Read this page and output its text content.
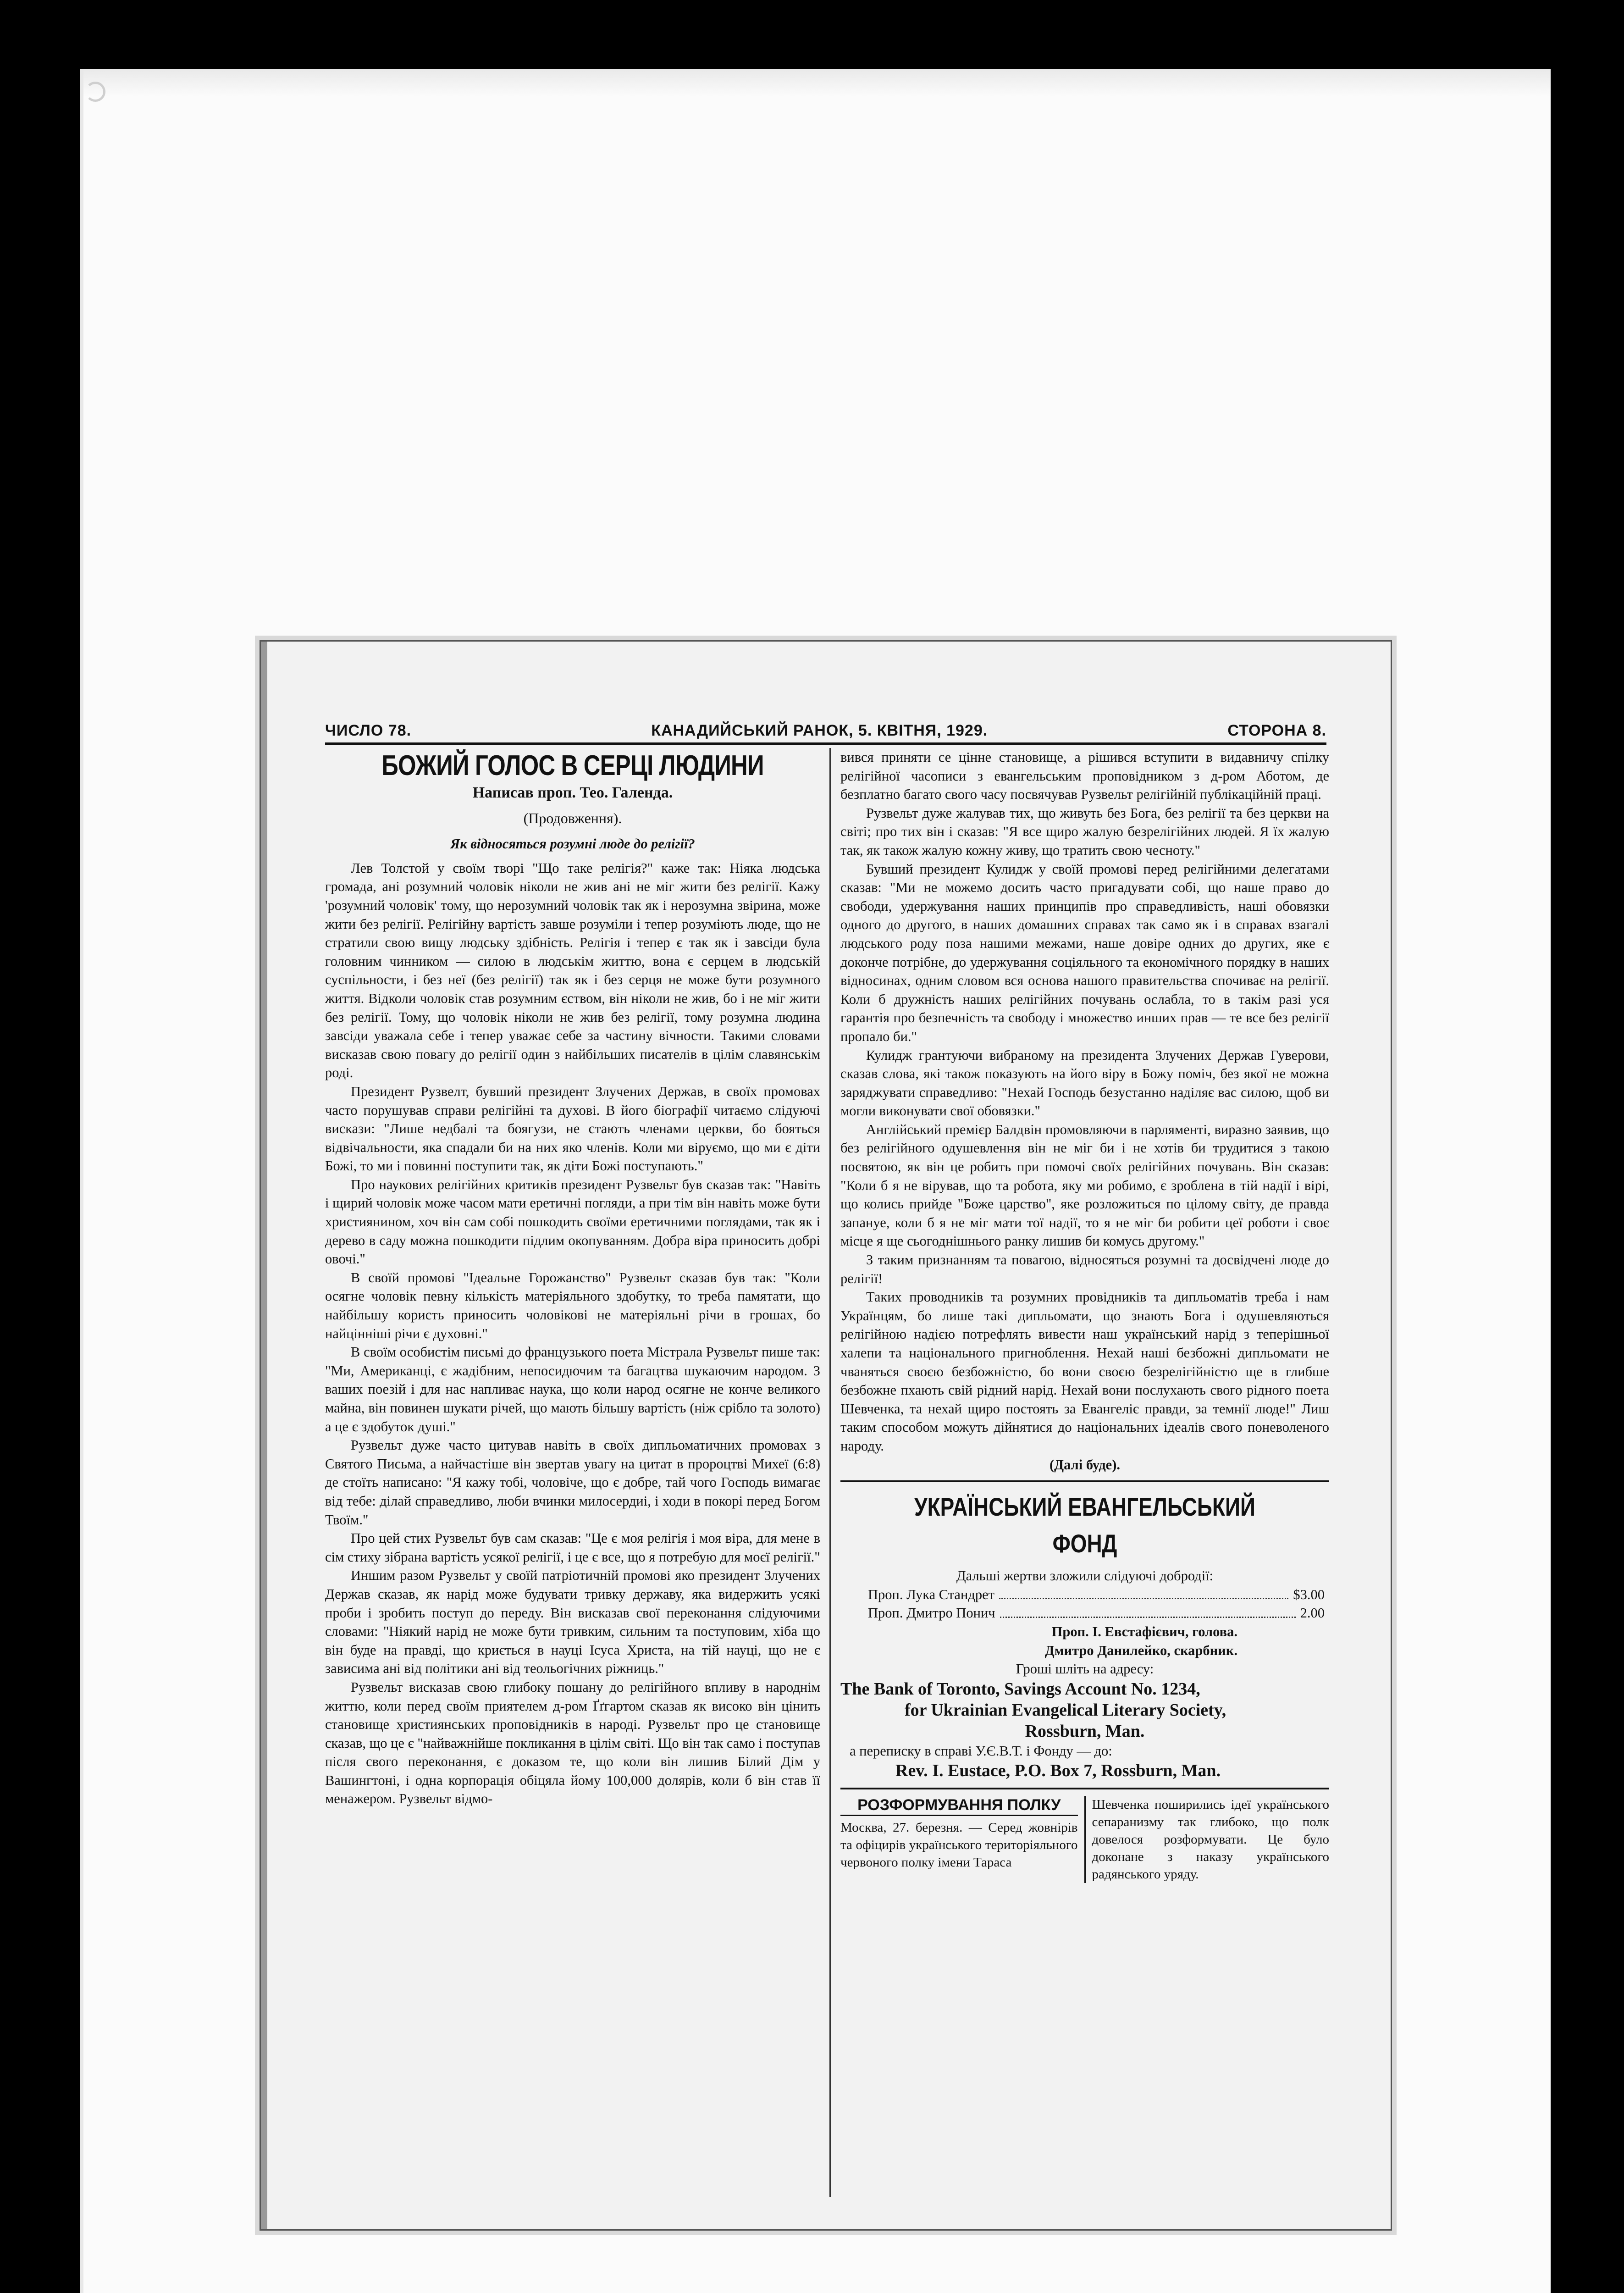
ЧИСЛО 78.	КАНАДИЙСЬКИЙ РАНОК, 5. КВІТНЯ, 1929.	СТОРОНА 8.
БОЖИЙ ГОЛОС В СЕРЦІ ЛЮДИНИ
Написав проп. Тео. Галенда.
(Продовження).
Як відносяться розумні люде до релігії?

Лев Толстой у своїм творі "Що таке релігія?" каже так: Ніяка людська громада, ані розумний чоловік ніколи не жив ані не міг жити без релігії. Кажу 'розумний чоловік' тому, що нерозумний чоловік так як і нерозумна звірина, може жити без релігії. Релігійну вартість завше розуміли і тепер розуміють люде, що не стратили свою вищу людську здібність. Релігія і тепер є так як і завсіди була головним чинником — силою в людськім життю, вона є серцем в людській суспільности, і без неї (без релігії) так як і без серця не може бути розумного життя. Відколи чоловік став розумним єством, він ніколи не жив, бо і не міг жити без релігії. Тому, що чоловік ніколи не жив без релігії, тому розумна людина завсіди уважала себе і тепер уважає себе за частину вічности. Такими словами висказав свою повагу до релігії один з найбільших писателів в цілім славянськім роді.

Президент Рузвелт, бувший президент Злучених Держав, в своїх промовах часто порушував справи релігійні та духові. В його біографії читаємо слідуючі вискази: "Лише недбалі та боягузи, не стають членами церкви, бо бояться відвічальности, яка спадали би на них яко членів. Коли ми віруємо, що ми є діти Божі, то ми і повинні поступити так, як діти Божі поступають."

Про наукових релігійних критиків президент Рузвельт був сказав так: "Навіть і щирий чоловік може часом мати еретичні погляди, а при тім він навіть може бути християнином, хоч він сам собі пошкодить своїми еретичними поглядами, так як і дерево в саду можна пошкодити підлим окопуванням. Добра віра приносить добрі овочі."

В своїй промові "Ідеальне Горожанство" Рузвельт сказав був так: "Коли осягне чоловік певну кількість матеріяльного здобутку, то треба памятати, що найбільшу користь приносить чоловікові не матеріяльні річи в грошах, бо найцінніші річи є духовні."

В своїм особистім письмі до французького поета Містрала Рузвельт пише так: "Ми, Американці, є жадібним, непосидючим та багацтва шукаючим народом. З ваших поезій і для нас напливає наука, що коли народ осягне не конче великого майна, він повинен шукати річей, що мають більшу вартість (ніж срібло та золото) а це є здобуток душі."

Рузвельт дуже часто цитував навіть в своїх дипльоматичних промовах з Святого Письма, а найчастіше він звертав увагу на цитат в пророцтві Михеї (6:8) де стоїть написано: "Я кажу тобі, чоловіче, що є добре, тай чого Господь вимагає від тебе: ділай справедливо, люби вчинки милосердиі, і ходи в покорі перед Богом Твоїм."

Про цей стих Рузвельт був сам сказав: "Це є моя релігія і моя віра, для мене в сім стиху зібрана вартість усякої релігії, і це є все, що я потребую для моєї релігії."

Иншим разом Рузвельт у своїй патріотичній промові яко президент Злучених Держав сказав, як нарід може будувати тривку державу, яка видержить усякі проби і зробить поступ до переду. Він висказав свої переконання слідуючими словами: "Ніякий нарід не може бути тривким, сильним та поступовим, хіба що він буде на правді, що криється в науці Ісуса Христа, на тій науці, що не є зависима ані від політики ані від теольогічних ріжниць."

Рузвельт висказав свою глибоку пошану до релігійного впливу в народнім життю, коли перед своїм приятелем д-ром Ґґгартом сказав як високо він цінить становище християнських проповідників в народі. Рузвельт про це становище сказав, що це є "найважнійше покликання в цілім світі. Що він так само і поступав після свого переконання, є доказом те, що коли він лишив Білий Дім у Вашингтоні, і одна корпорація обіцяла йому 100,000 долярів, коли б він став її менажером. Рузвельт відмо-

вився приняти се цінне становище, а рішився вступити в видавничу спілку релігійної часописи з евангельським проповідником з д-ром Аботом, де безплатно багато свого часу посвячував Рузвельт релігійній публікаційній праці.

Рузвельт дуже жалував тих, що живуть без Бога, без релігії та без церкви на світі; про тих він і сказав: "Я все щиро жалую безрелігійних людей. Я їх жалую так, як також жалую кожну живу, що тратить свою чесноту."

Бувший президент Кулидж у своїй промові перед релігійними делегатами сказав: "Ми не можемо досить часто пригадувати собі, що наше право до свободи, удержування наших принципів про справедливість, наші обовязки одного до другого, в наших домашних справах так само як і в справах взагалі людського роду поза нашими межами, наше довіре одних до других, яке є доконче потрібне, до удержування соціяльного та економічного порядку в наших відносинах, одним словом вся основа нашого правительства спочиває на релігії. Коли б дружність наших релігійних почувань ослабла, то в такім разі уся гарантія про безпечність та свободу і множество инших прав — те все без релігії пропало би."

Кулидж грантуючи вибраному на президента Злучених Держав Гуверови, сказав слова, які також показують на його віру в Божу поміч, без якої не можна заряджувати справедливо: "Нехай Господь безустанно наділяє вас силою, щоб ви могли виконувати свої обовязки."

Англійський премієр Балдвін промовляючи в парляменті, виразно заявив, що без релігійного одушевлення він не міг би і не хотів би трудитися з такою посвятою, як він це робить при помочі своїх релігійних почувань. Він сказав: "Коли б я не вірував, що та робота, яку ми робимо, є зроблена в тій надії і вірі, що колись прийде "Боже царство", яке розложиться по цілому світу, де правда запануе, коли б я не міг мати тої надії, то я не міг би робити цеї роботи і своє місце я ще сьогоднішнього ранку лишив би комусь другому."

З таким признанням та повагою, відносяться розумні та досвідчені люде до релігії!

Таких проводників та розумних провідників та дипльоматів треба і нам Українцям, бо лише такі дипльомати, що знають Бога і одушевляються релігійною надією потрефлять вивести наш український нарід з теперішньої халепи та національного пригноблення. Нехай наші безбожні дипльомати не чваняться своєю безбожністю, бо вони своєю безрелігійністю ще в глибше безбожне пхають свій рідний нарід. Нехай вони послухають свого рідного поета Шевченка, та нехай щиро постоять за Евангеліє правди, за темнії люде!" Лиш таким способом можуть дійнятися до національних ідеалів свого поневоленого народу.

(Далі буде).

УКРАЇНСЬКИЙ ЕВАНГЕЛЬСЬКИЙ ФОНД

Дальші жертви зложили слідуючі добродії:

Проп. Лука Стандрет	$3.00
Проп. Дмитро Понич	2.00
Проп. І. Евстафієвич, голова.
Дмитро Данилейко, скарбник.

Гроші шліть на адресу:

The Bank of Toronto, Savings Account No. 1234,
for Ukrainian Evangelical Literary Society,
Rossburn, Man.

а переписку в справі У.Є.В.Т. і Фонду — до:

Rev. I. Eustace, P.O. Box 7, Rossburn, Man.
РОЗФОРМУВАННЯ ПОЛКУ

Москва, 27. березня. — Серед жовнірів та офіцирів українського територіяльного червоного полку імени Тараса

Шевченка поширились ідеї українського сепаранизму так глибоко, що полк довелося розформувати. Це було доконане з наказу українського радянського уряду.
